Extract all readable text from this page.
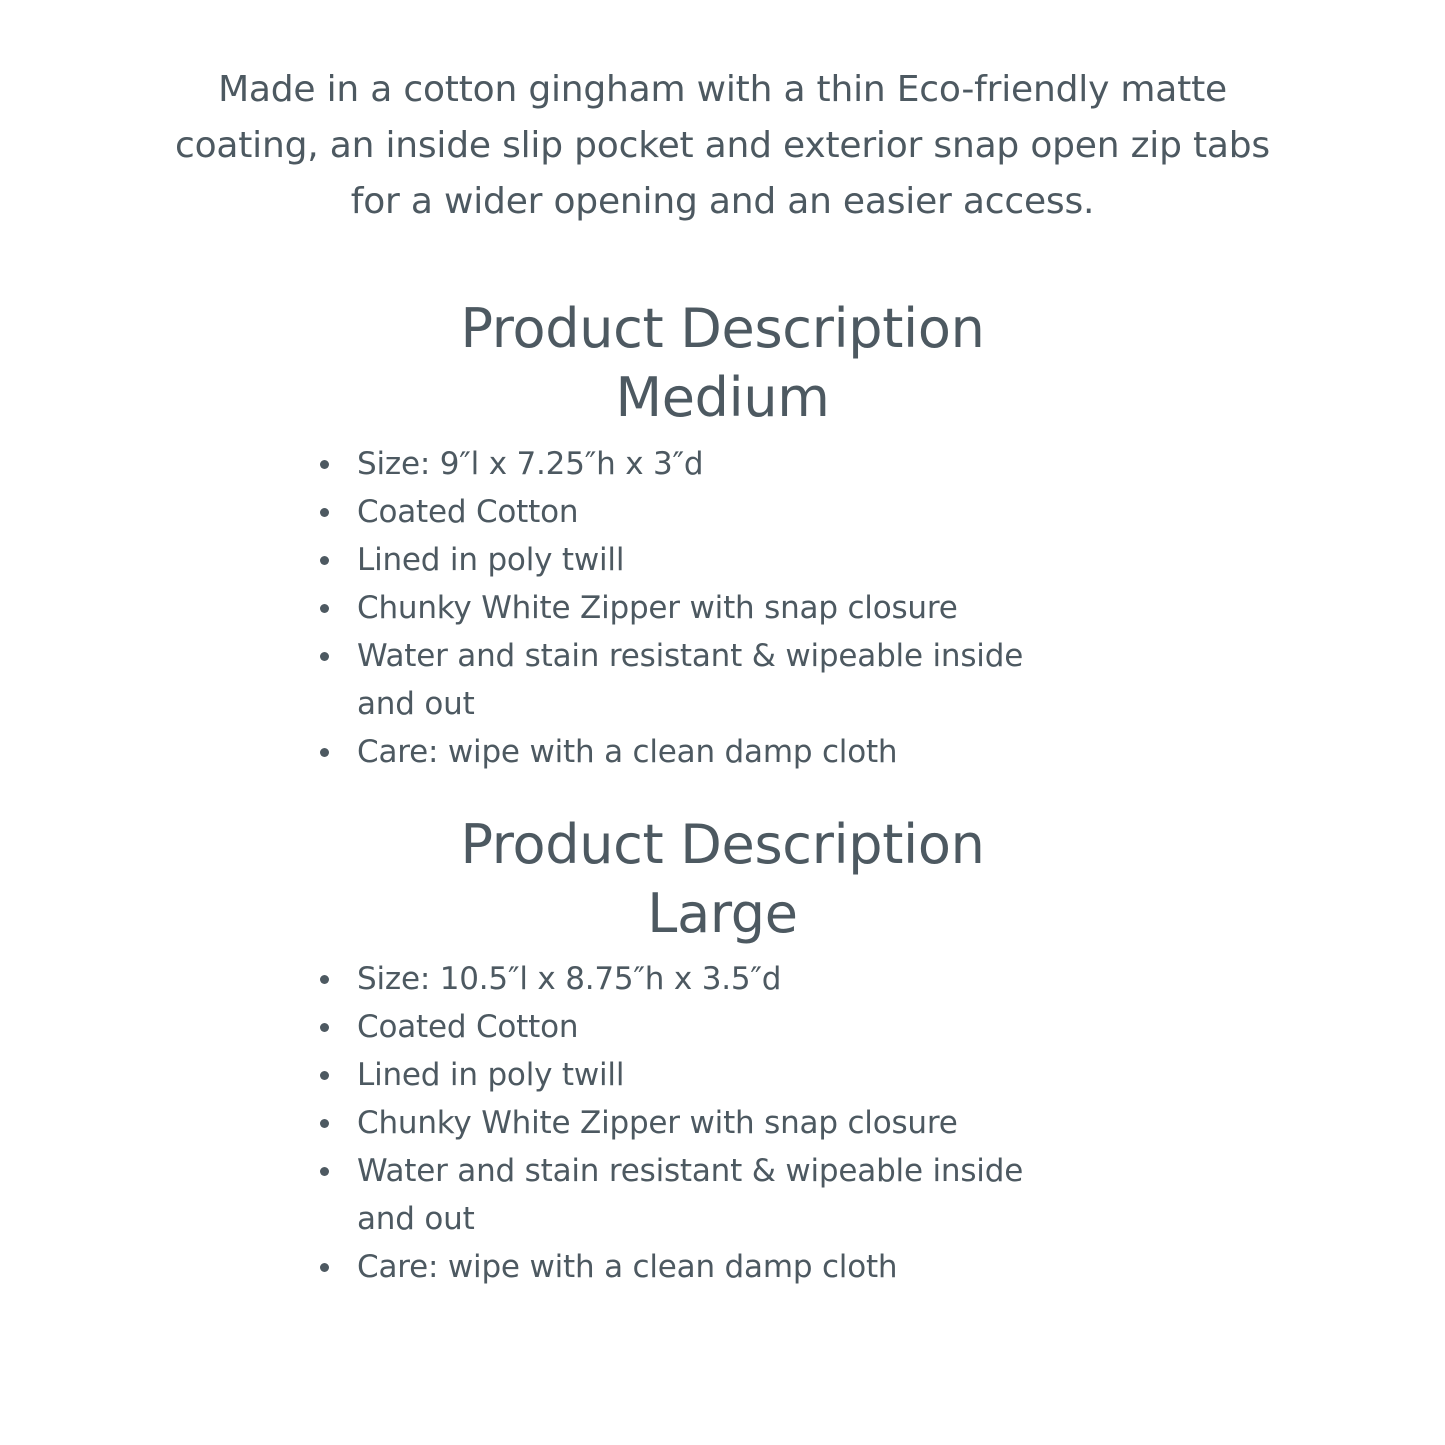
Made in a cotton gingham with a thin Eco-friendly matte
coating, an inside slip pocket and exterior snap open zip tabs
for a wider opening and an easier access.
Product Description
Medium
Size: 9″l x 7.25″h x 3″d
Coated Cotton
Lined in poly twill
Chunky White Zipper with snap closure
Water and stain resistant & wipeable inside
and out
Care: wipe with a clean damp cloth
Product Description
Large
Size: 10.5″l x 8.75″h x 3.5″d
Coated Cotton
Lined in poly twill
Chunky White Zipper with snap closure
Water and stain resistant & wipeable inside
and out
Care: wipe with a clean damp cloth
